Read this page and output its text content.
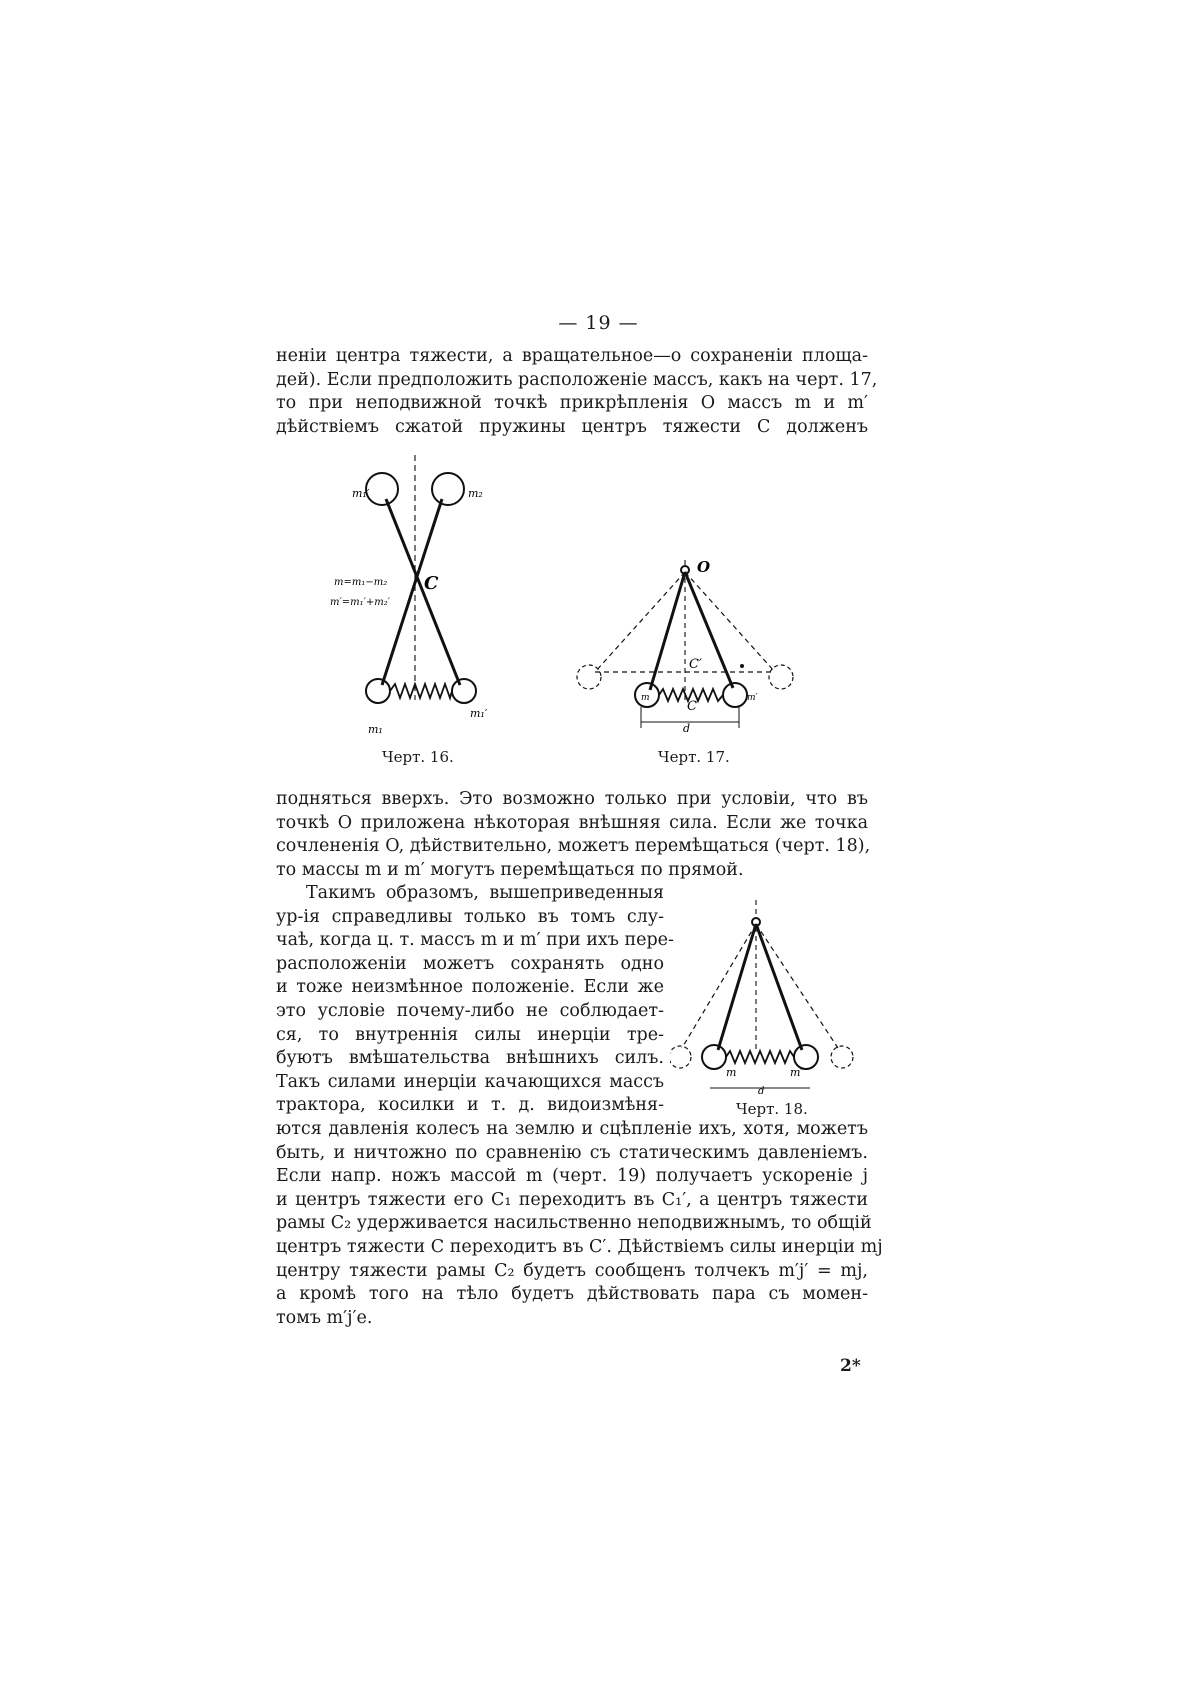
— 19 —
неніи центра тяжести, а вращательное—о сохраненіи площа-
дей). Если предположить расположеніе массъ, какъ на черт. 17,
то при неподвижной точкѣ прикрѣпленія O массъ m и m′
дѣйствіемъ сжатой пружины центръ тяжести C долженъ
m₁′	m₂
m=m₁−m₂
m′=m₁′+m₂′
C
m₁
m₁′
Черт. 16.
O
C′
C
m	m′
d
Черт. 17.
подняться вверхъ. Это возможно только при условіи, что въ
точкѣ O приложена нѣкоторая внѣшняя сила. Если же точка
сочлененія O, дѣйствительно, можетъ перемѣщаться (черт. 18),
то массы m и m′ могутъ перемѣщаться по прямой.
Такимъ образомъ, вышеприведенныя
ур-ія справедливы только въ томъ слу-
чаѣ, когда ц. т. массъ m и m′ при ихъ пере-
расположеніи можетъ сохранять одно
и тоже неизмѣнное положеніе. Если же
это условіе почему-либо не соблюдает-
ся, то внутреннія силы инерціи тре-
буютъ вмѣшательства внѣшнихъ силъ.
Такъ силами инерціи качающихся массъ
трактора, косилки и т. д. видоизмѣня-
m	m′
d
Черт. 18.
ются давленія колесъ на землю и сцѣпленіе ихъ, хотя, можетъ
быть, и ничтожно по сравненію съ статическимъ давленіемъ.
Если напр. ножъ массой m (черт. 19) получаетъ ускореніе j
и центръ тяжести его C₁ переходитъ въ C₁′, а центръ тяжести
рамы C₂ удерживается насильственно неподвижнымъ, то общій
центръ тяжести C переходитъ въ C′. Дѣйствіемъ силы инерціи mj
центру тяжести рамы C₂ будетъ сообщенъ толчекъ m′j′ = mj,
а кромѣ того на тѣло будетъ дѣйствовать пара съ момен-
томъ m′j′e.
2*
